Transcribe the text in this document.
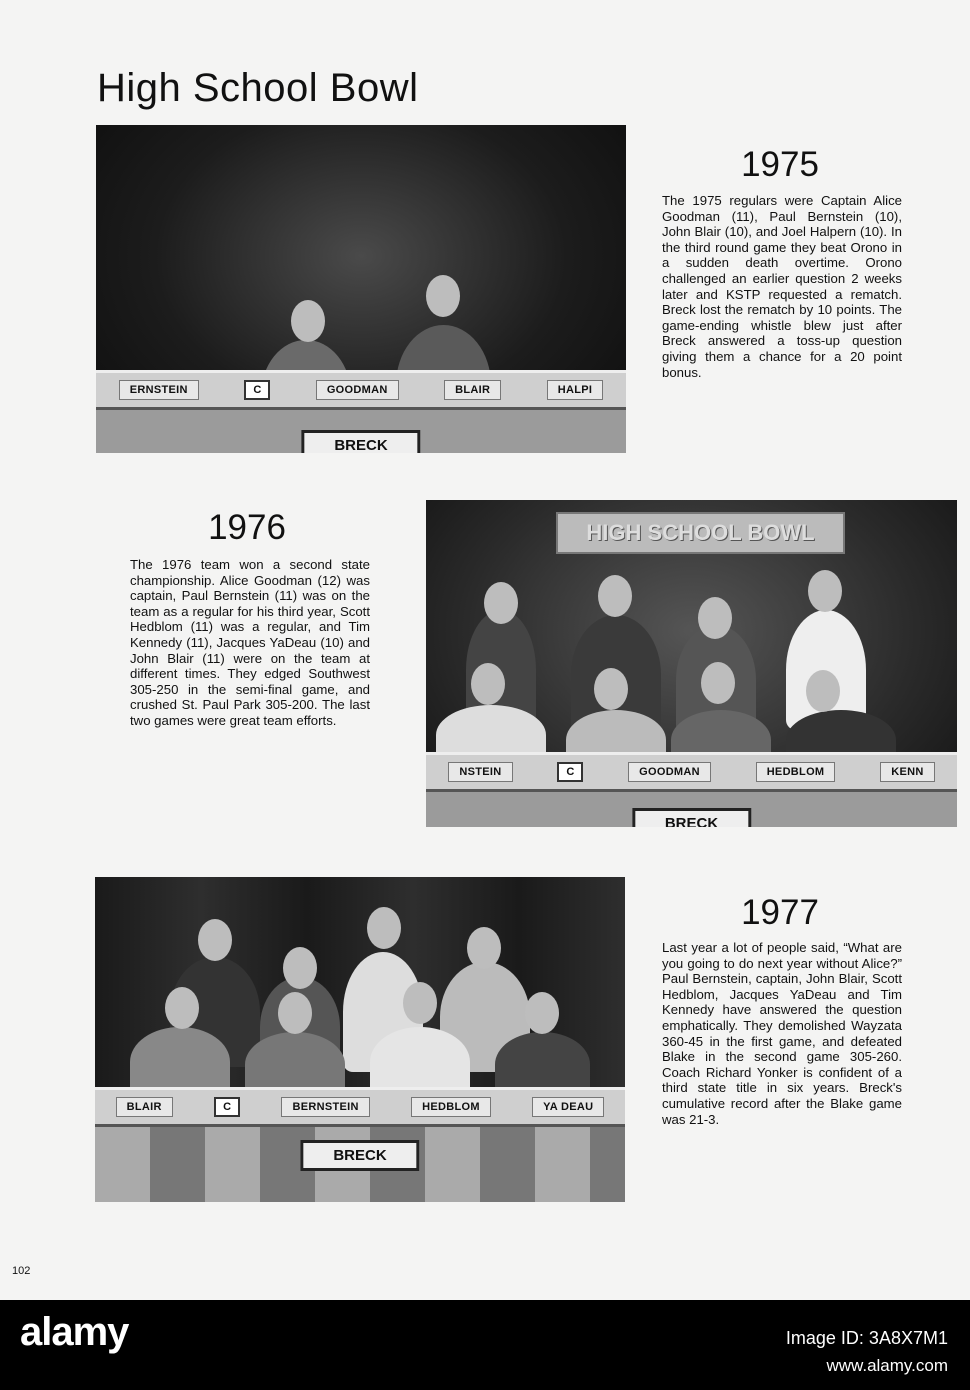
High School Bowl
ERNSTEIN	C	GOODMAN	BLAIR	HALPI
BRECK
1975
The 1975 regulars were Captain Alice Goodman (11), Paul Bernstein (10), John Blair (10), and Joel Halpern (10). In the third round game they beat Orono in a sudden death overtime. Orono challenged an earlier question 2 weeks later and KSTP requested a rematch. Breck lost the rematch by 10 points. The game-ending whistle blew just after Breck answered a toss-up question giving them a chance for a 20 point bonus.
1976
The 1976 team won a second state championship. Alice Goodman (12) was captain, Paul Bernstein (11) was on the team as a regular for his third year, Scott Hedblom (11) was a regular, and Tim Kennedy (11), Jacques YaDeau (10) and John Blair (11) were on the team at different times. They edged Southwest 305-250 in the semi-final game, and crushed St. Paul Park 305-200. The last two games were great team efforts.
HIGH SCHOOL BOWL
NSTEIN	C	GOODMAN	HEDBLOM	KENN
BRECK
BLAIR	C	BERNSTEIN	HEDBLOM	YA DEAU
BRECK
1977
Last year a lot of people said, “What are you going to do next year without Alice?” Paul Bernstein, captain, John Blair, Scott Hedblom, Jacques YaDeau and Tim Kennedy have answered the question emphatically. They demolished Wayzata 360-45 in the first game, and defeated Blake in the second game 305-260. Coach Richard Yonker is confident of a third state title in six years. Breck's cumulative record after the Blake game was 21-3.
102
alamy	Image ID: 3A8X7M1
www.alamy.com
